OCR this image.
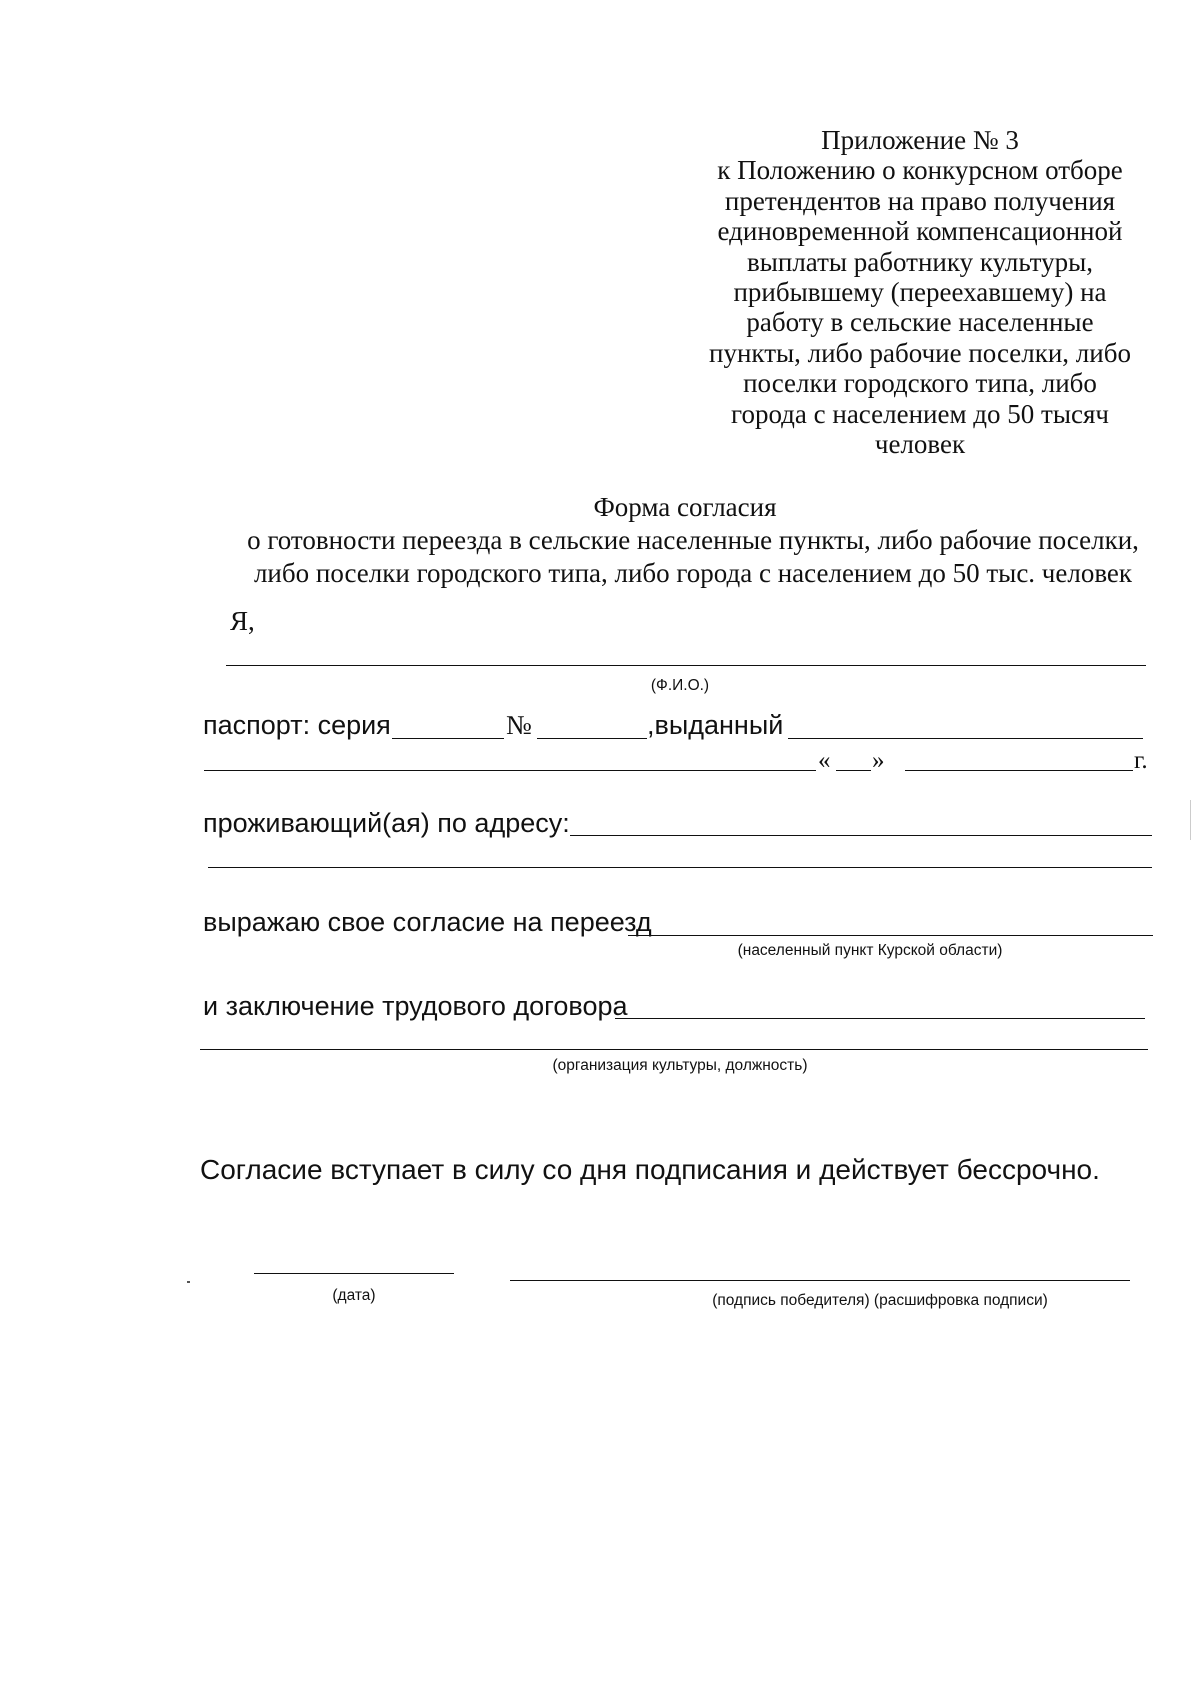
Приложение № 3
к Положению о конкурсном отборе
претендентов на право получения
единовременной компенсационной
выплаты работнику культуры,
прибывшему (переехавшему) на
работу в сельские населенные
пункты, либо рабочие поселки, либо
поселки городского типа, либо
города с населением до 50 тысяч
человек
Форма согласия
о готовности переезда в сельские населенные пункты, либо рабочие поселки,
либо поселки городского типа, либо города с населением до 50 тыс. человек
Я,
(Ф.И.О.)
паспорт: серия	№	,выданный
« »	г.
проживающий(ая) по адресу:
выражаю свое согласие на переезд
(населенный пункт Курской области)
и заключение трудового договора
(организация культуры, должность)
Согласие вступает в силу со дня подписания и действует бессрочно.
(дата)	(подпись победителя) (расшифровка подписи)
